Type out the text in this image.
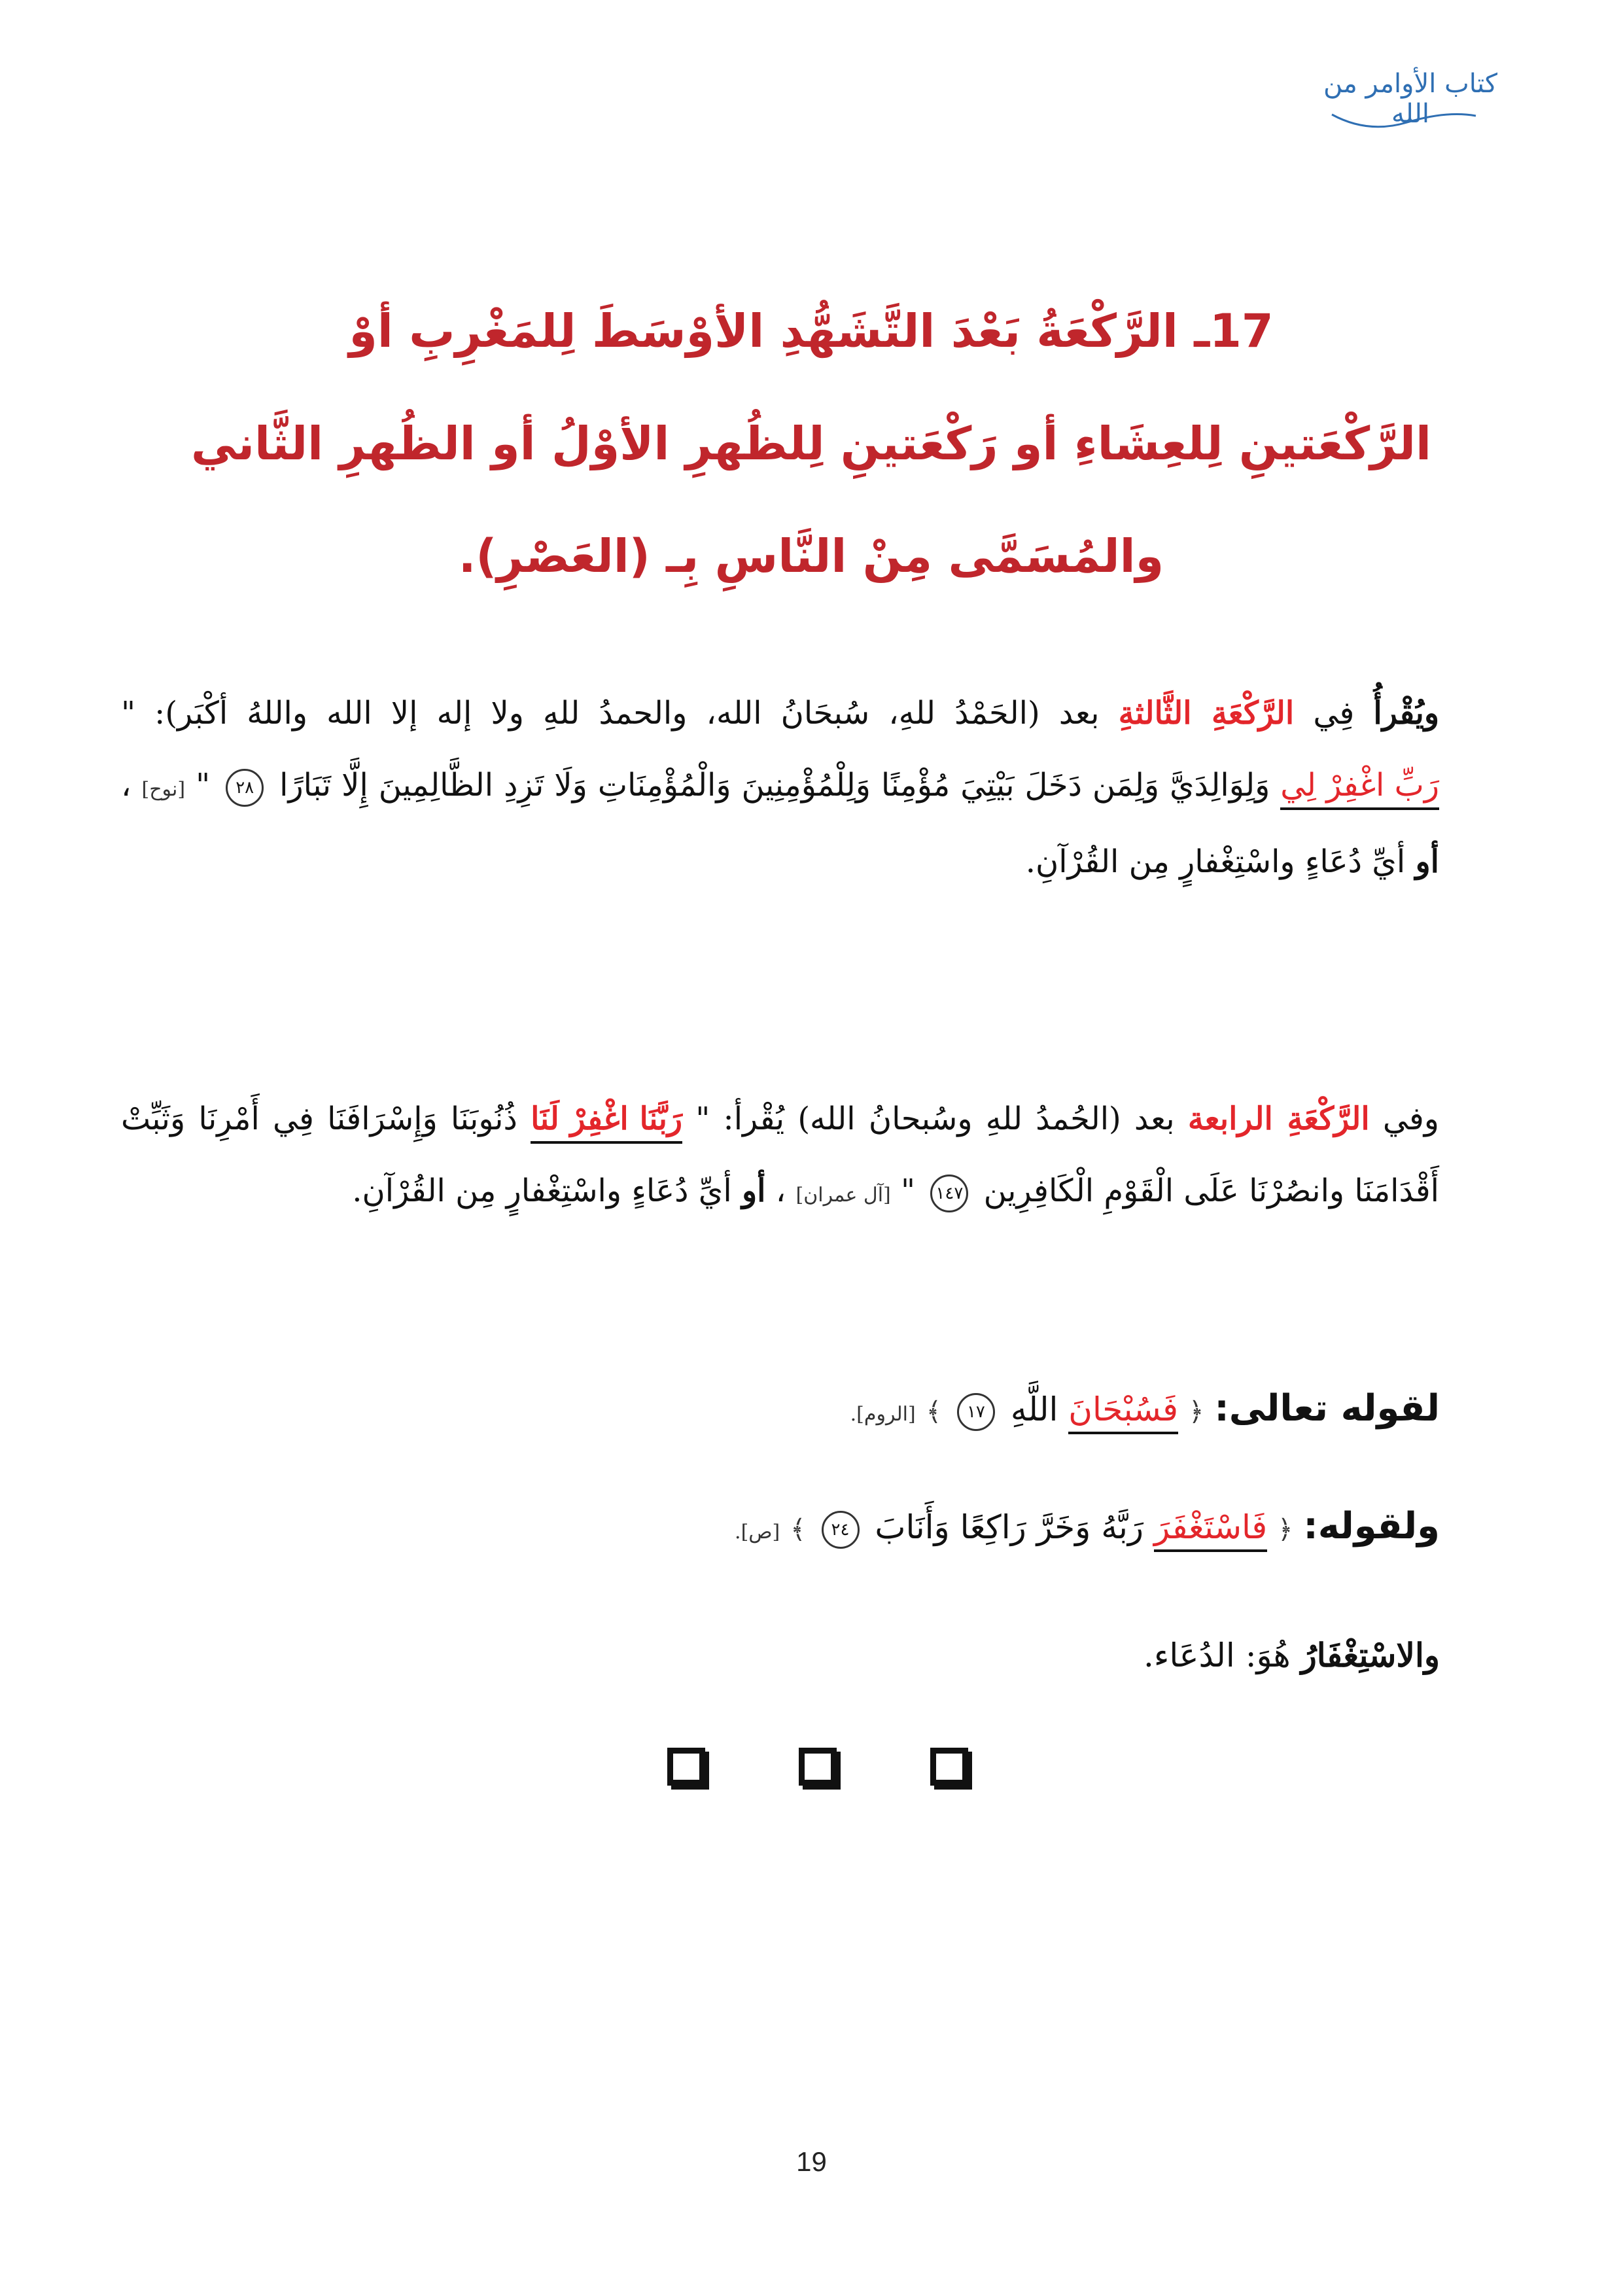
كتاب الأوامر من الله
17ـ الرَّكْعَةُ بَعْدَ التَّشَهُّدِ الأوْسَطَ لِلمَغْرِبِ أوْ
الرَّكْعَتينِ لِلعِشَاءِ أو رَكْعَتينِ لِلظُهرِ الأوْلُ أو الظُهرِ الثَّاني
والمُسَمَّى مِنْ النَّاسِ بِـ (العَصْرِ).
ويُقْرأُ فِي الرَّكْعَةِ الثَّالثةِ بعد (الحَمْدُ للهِ، سُبحَانُ الله، والحمدُ للهِ ولا إله إلا الله واللهُ أكْبَر): " رَبِّ اغْفِرْ لِي وَلِوَالِدَيَّ وَلِمَن دَخَلَ بَيْتِيَ مُؤْمِنًا وَلِلْمُؤْمِنِينَ وَالْمُؤْمِنَاتِ وَلَا تَزِدِ الظَّالِمِينَ إِلَّا تَبَارًا ٢٨ " [نوح] ، أو أيِّ دُعَاءٍ واسْتِغْفارٍ مِن القُرْآنِ.
وفي الرَّكْعَةِ الرابعة بعد (الحُمدُ للهِ وسُبحانُ الله) يُقْرأ: " رَبَّنَا اغْفِرْ لَنَا ذُنُوبَنَا وَإِسْرَافَنَا فِي أَمْرِنَا وَثَبِّتْ أَقْدَامَنَا وانصُرْنَا عَلَى الْقَوْمِ الْكَافِرِين ١٤٧ " [آل عمران] ، أو أيِّ دُعَاءٍ واسْتِغْفارٍ مِن القُرْآنِ.
لقوله تعالى: ﴿ فَسُبْحَانَ اللَّهِ ١٧ ﴾ [الروم].
ولقوله: ﴿ فَاسْتَغْفَرَ رَبَّهُ وَخَرَّ رَاكِعًا وَأَنَابَ ٢٤ ﴾ [ص].
والاسْتِغْفَارُ هُوَ: الدُعَاء.
19
